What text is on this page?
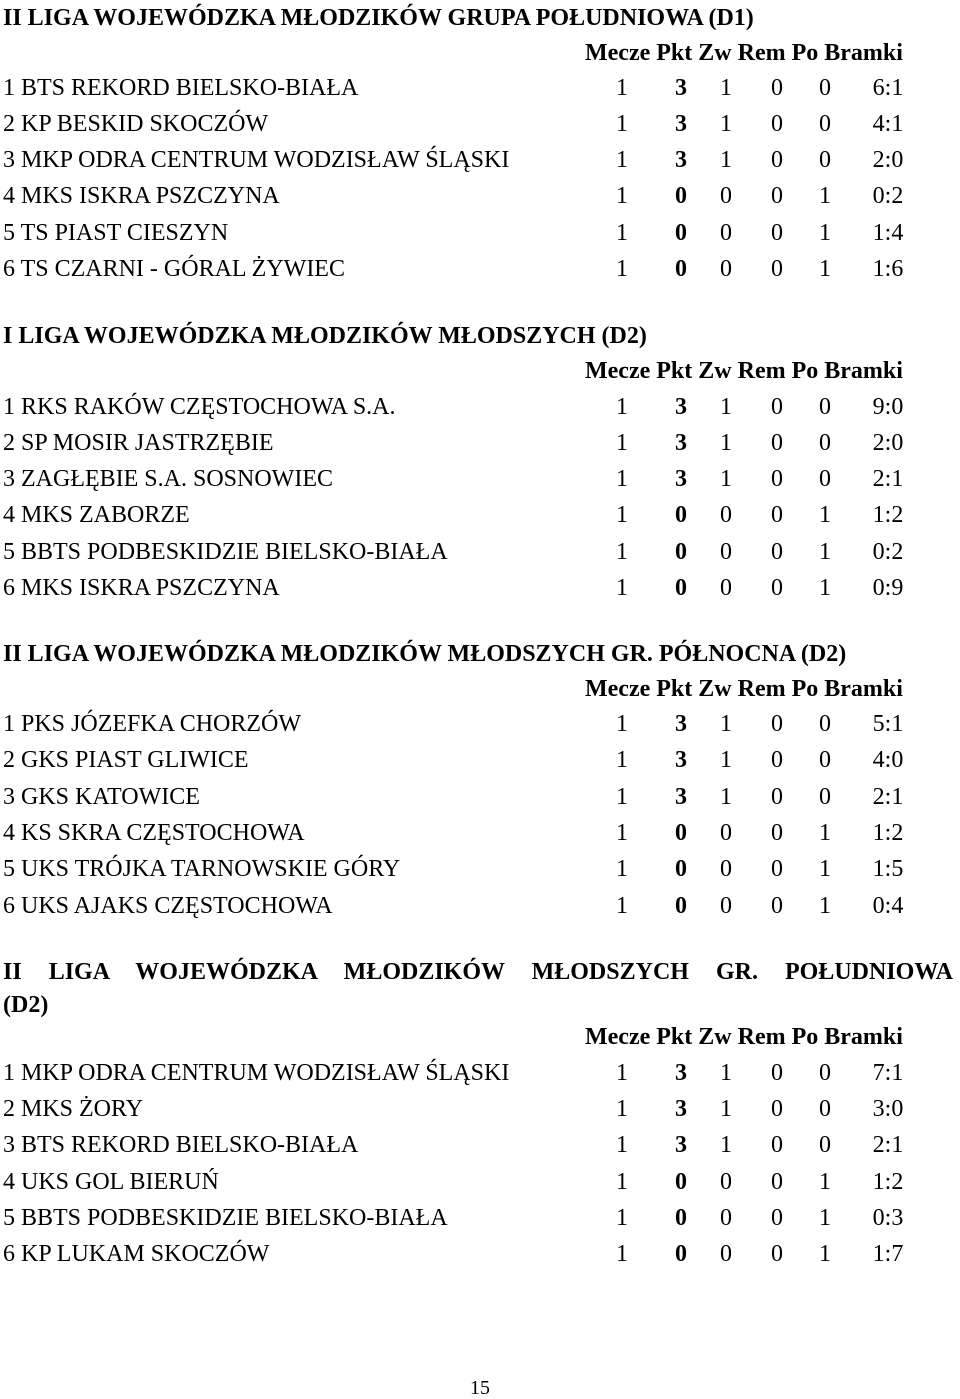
II LIGA WOJEWÓDZKA MŁODZIKÓW GRUPA POŁUDNIOWA (D1)
Mecze Pkt Zw Rem Po Bramki
1 BTS REKORD BIELSKO-BIAŁA	1 3 1 0 0	6:1
2 KP BESKID SKOCZÓW	1 3 1 0 0	4:1
3 MKP ODRA CENTRUM WODZISŁAW ŚLĄSKI	1 3 1 0 0	2:0
4 MKS ISKRA PSZCZYNA	1 0 0 0 1	0:2
5 TS PIAST CIESZYN	1 0 0 0 1	1:4
6 TS CZARNI - GÓRAL ŻYWIEC	1 0 0 0 1	1:6
I LIGA WOJEWÓDZKA MŁODZIKÓW MŁODSZYCH (D2)
Mecze Pkt Zw Rem Po Bramki
1 RKS RAKÓW CZĘSTOCHOWA S.A.	1 3 1 0 0	9:0
2 SP MOSIR JASTRZĘBIE	1 3 1 0 0	2:0
3 ZAGŁĘBIE S.A. SOSNOWIEC	1 3 1 0 0	2:1
4 MKS ZABORZE	1 0 0 0 1	1:2
5 BBTS PODBESKIDZIE BIELSKO-BIAŁA	1 0 0 0 1	0:2
6 MKS ISKRA PSZCZYNA	1 0 0 0 1	0:9
II LIGA WOJEWÓDZKA MŁODZIKÓW MŁODSZYCH GR. PÓŁNOCNA (D2)
Mecze Pkt Zw Rem Po Bramki
1 PKS JÓZEFKA CHORZÓW	1 3 1 0 0	5:1
2 GKS PIAST GLIWICE	1 3 1 0 0	4:0
3 GKS KATOWICE	1 3 1 0 0	2:1
4 KS SKRA CZĘSTOCHOWA	1 0 0 0 1	1:2
5 UKS TRÓJKA TARNOWSKIE GÓRY	1 0 0 0 1	1:5
6 UKS AJAKS CZĘSTOCHOWA	1 0 0 0 1	0:4
II LIGA WOJEWÓDZKA MŁODZIKÓW MŁODSZYCH GR. POŁUDNIOWA
(D2)
Mecze Pkt Zw Rem Po Bramki
1 MKP ODRA CENTRUM WODZISŁAW ŚLĄSKI	1 3 1 0 0	7:1
2 MKS ŻORY	1 3 1 0 0	3:0
3 BTS REKORD BIELSKO-BIAŁA	1 3 1 0 0	2:1
4 UKS GOL BIERUŃ	1 0 0 0 1	1:2
5 BBTS PODBESKIDZIE BIELSKO-BIAŁA	1 0 0 0 1	0:3
6 KP LUKAM SKOCZÓW	1 0 0 0 1	1:7
15
